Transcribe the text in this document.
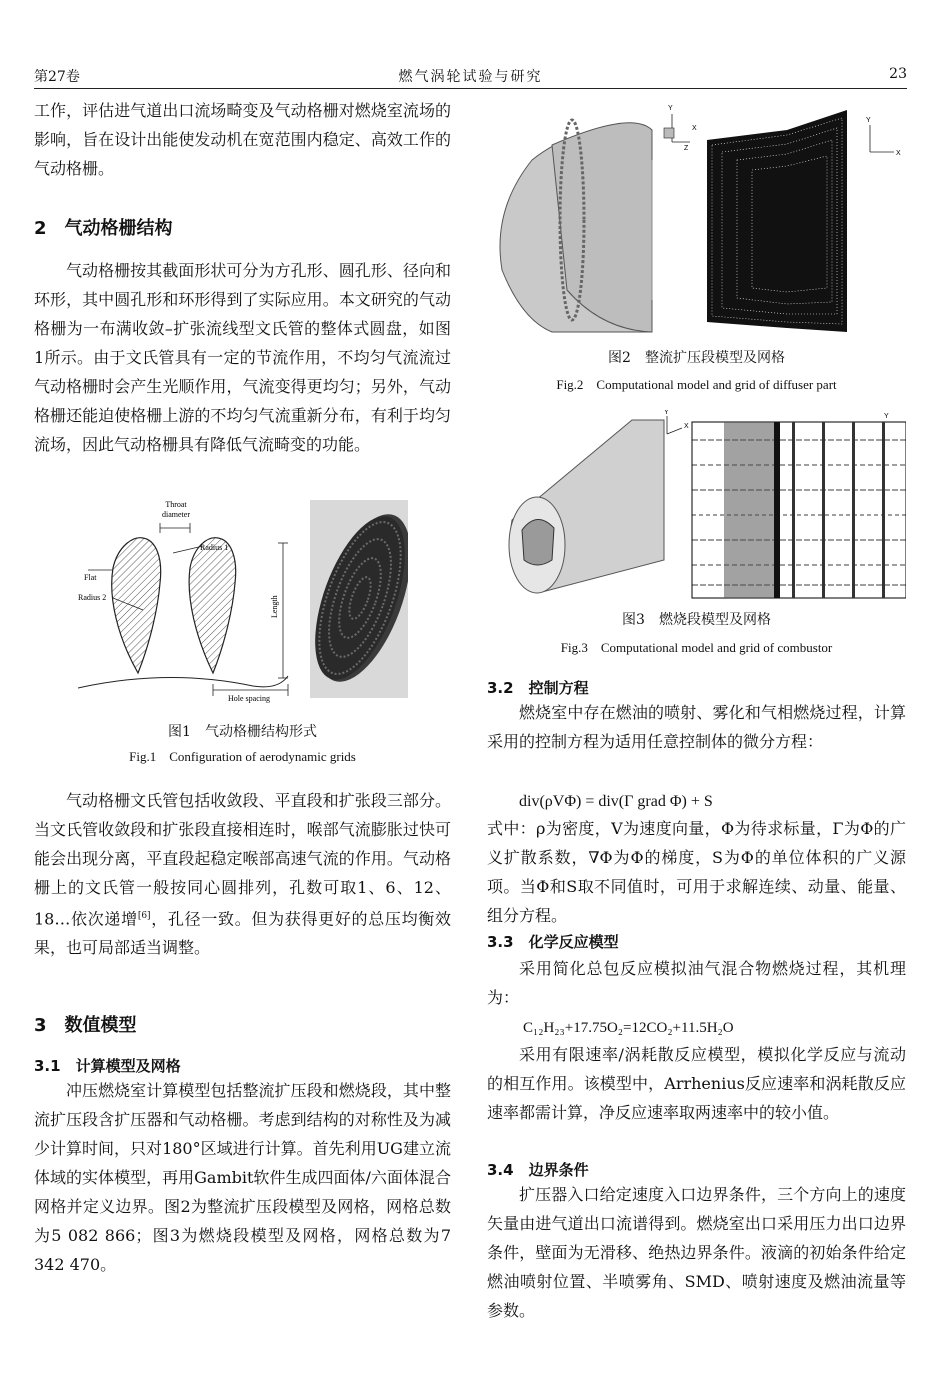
第27卷	燃气涡轮试验与研究	23

工作，评估进气道出口流场畸变及气动格栅对燃烧室流场的影响，旨在设计出能使发动机在宽范围内稳定、高效工作的气动格栅。

2　气动格栅结构

气动格栅按其截面形状可分为方孔形、圆孔形、径向和环形，其中圆孔形和环形得到了实际应用。本文研究的气动格栅为一布满收敛–扩张流线型文氏管的整体式圆盘，如图1所示。由于文氏管具有一定的节流作用，不均匀气流流过气动格栅时会产生光顺作用，气流变得更均匀；另外，气动格栅还能迫使格栅上游的不均匀气流重新分布，有利于均匀流场，因此气动格栅具有降低气流畸变的功能。

Throat
diameter
Radius 1
Flat
Radius 2	Length
Hole spacing
图1　气动格栅结构形式
Fig.1　Configuration of aerodynamic grids

气动格栅文氏管包括收敛段、平直段和扩张段三部分。当文氏管收敛段和扩张段直接相连时，喉部气流膨胀过快可能会出现分离，平直段起稳定喉部高速气流的作用。气动格栅上的文氏管一般按同心圆排列，孔数可取1、6、12、18…依次递增[6]，孔径一致。但为获得更好的总压均衡效果，也可局部适当调整。

3　数值模型
3.1　计算模型及网格

冲压燃烧室计算模型包括整流扩压段和燃烧段，其中整流扩压段含扩压器和气动格栅。考虑到结构的对称性及为减少计算时间，只对180°区域进行计算。首先利用UG建立流体域的实体模型，再用Gambit软件生成四面体/六面体混合网格并定义边界。图2为整流扩压段模型及网格，网格总数为5 082 866；图3为燃烧段模型及网格，网格总数为7 342 470。

Y
X
Z
Y
X
图2　整流扩压段模型及网格
Fig.2　Computational model and grid of diffuser part
Y
X
Y
图3　燃烧段模型及网格
Fig.3　Computational model and grid of combustor
3.2　控制方程

燃烧室中存在燃油的喷射、雾化和气相燃烧过程，计算采用的控制方程为适用任意控制体的微分方程：

div(ρVΦ) = div(Γ grad Φ) + S

式中：ρ为密度，V为速度向量，Φ为待求标量，Γ为Φ的广义扩散系数，∇Φ为Φ的梯度，S为Φ的单位体积的广义源项。当Φ和S取不同值时，可用于求解连续、动量、能量、组分方程。

3.3　化学反应模型

采用简化总包反应模拟油气混合物燃烧过程，其机理为：

C₁₂H₂₃+17.75O₂=12CO₂+11.5H₂O

采用有限速率/涡耗散反应模型，模拟化学反应与流动的相互作用。该模型中，Arrhenius反应速率和涡耗散反应速率都需计算，净反应速率取两速率中的较小值。

3.4　边界条件

扩压器入口给定速度入口边界条件，三个方向上的速度矢量由进气道出口流谱得到。燃烧室出口采用压力出口边界条件，壁面为无滑移、绝热边界条件。液滴的初始条件给定燃油喷射位置、半喷雾角、SMD、喷射速度及燃油流量等参数。
